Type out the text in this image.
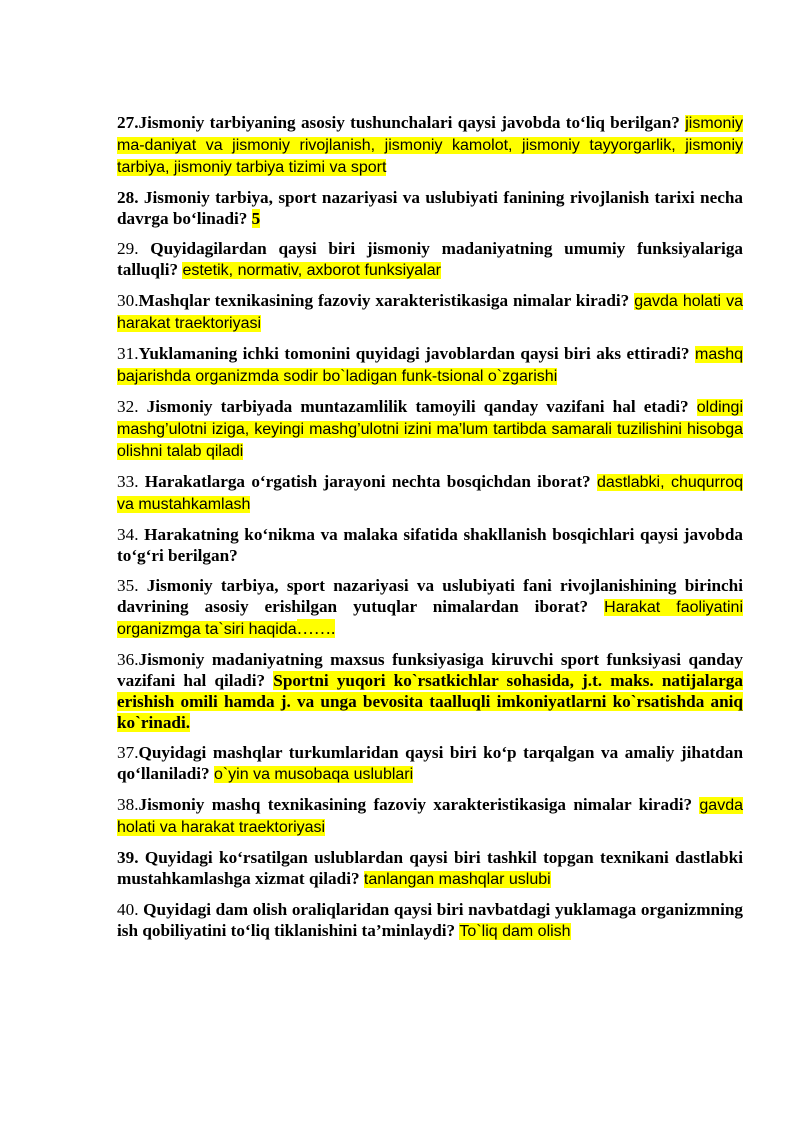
27.Jismoniy tarbiyaning asosiy tushunchalari qaysi javobda to‘liq berilgan? jismoniy ma-daniyat va jismoniy rivojlanish, jismoniy kamolot, jismoniy tayyorgarlik, jismoniy tarbiya, jismoniy tarbiya tizimi va sport

28. Jismoniy tarbiya, sport nazariyasi va uslubiyati fanining rivojlanish tarixi necha davrga bo‘linadi? 5

29. Quyidagilardan qaysi biri jismoniy madaniyatning umumiy funksiyalariga talluqli? estetik, normativ, axborot funksiyalar

30.Mashqlar texnikasining fazoviy xarakteristikasiga nimalar kiradi? gavda holati va harakat traektoriyasi

31.Yuklamaning ichki tomonini quyidagi javoblardan qaysi biri aks ettiradi? mashq bajarishda organizmda sodir bo`ladigan funk-tsional o`zgarishi

32. Jismoniy tarbiyada muntazamlilik tamoyili qanday vazifani hal etadi? oldingi mashg’ulotni iziga, keyingi mashg’ulotni izini ma’lum tartibda samarali tuzilishini hisobga olishni talab qiladi

33. Harakatlarga o‘rgatish jarayoni nechta bosqichdan iborat? dastlabki, chuqurroq va mustahkamlash

34. Harakatning ko‘nikma va malaka sifatida shakllanish bosqichlari qaysi javobda to‘g‘ri berilgan?

35. Jismoniy tarbiya, sport nazariyasi va uslubiyati fani rivojlanishining birinchi davrining asosiy erishilgan yutuqlar nimalardan iborat? Harakat faoliyatini organizmga ta`siri haqida…….

36.Jismoniy madaniyatning maxsus funksiyasiga kiruvchi sport funksiyasi qanday vazifani hal qiladi? Sportni yuqori ko`rsatkichlar sohasida, j.t. maks. natijalarga erishish omili hamda j. va unga bevosita taalluqli imkoniyatlarni ko`rsatishda aniq ko`rinadi.

37.Quyidagi mashqlar turkumlaridan qaysi biri ko‘p tarqalgan va amaliy jihatdan qo‘llaniladi? o`yin va musobaqa uslublari

38.Jismoniy mashq texnikasining fazoviy xarakteristikasiga nimalar kiradi? gavda holati va harakat traektoriyasi

39. Quyidagi ko‘rsatilgan uslublardan qaysi biri tashkil topgan texnikani dastlabki mustahkamlashga xizmat qiladi? tanlangan mashqlar uslubi

40. Quyidagi dam olish oraliqlaridan qaysi biri navbatdagi yuklamaga organizmning ish qobiliyatini to‘liq tiklanishini ta’minlaydi? To`liq dam olish
